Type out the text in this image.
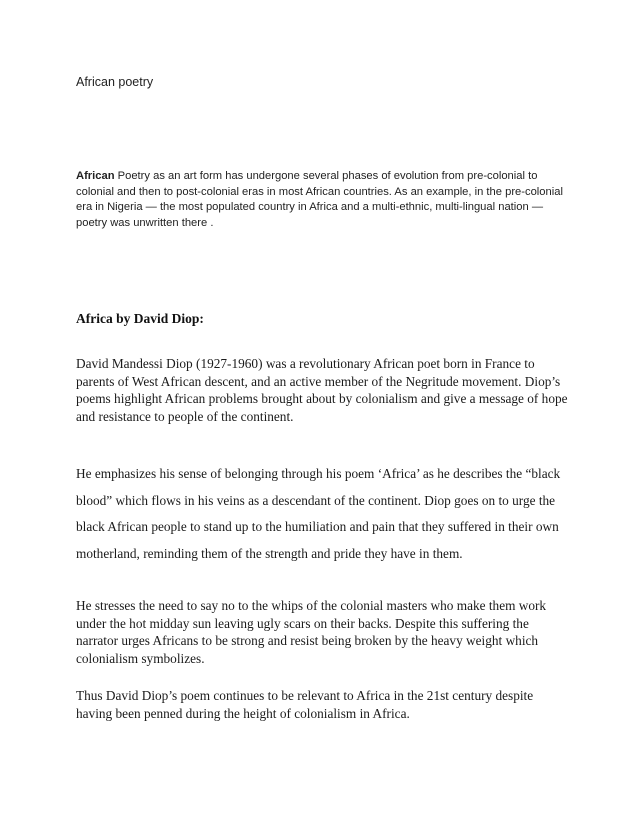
African poetry
African Poetry as an art form has undergone several phases of evolution from pre-colonial to colonial and then to post-colonial eras in most African countries. As an example, in the pre-colonial era in Nigeria — the most populated country in Africa and a multi-ethnic, multi-lingual nation — poetry was unwritten there .
Africa by David Diop:
David Mandessi Diop (1927-1960) was a revolutionary African poet born in France to parents of West African descent, and an active member of the Negritude movement. Diop’s poems highlight African problems brought about by colonialism and give a message of hope and resistance to people of the continent.
He emphasizes his sense of belonging through his poem ‘Africa’ as he describes the “black blood” which flows in his veins as a descendant of the continent. Diop goes on to urge the black African people to stand up to the humiliation and pain that they suffered in their own motherland, reminding them of the strength and pride they have in them.
He stresses the need to say no to the whips of the colonial masters who make them work under the hot midday sun leaving ugly scars on their backs. Despite this suffering the narrator urges Africans to be strong and resist being broken by the heavy weight which colonialism symbolizes.
Thus David Diop’s poem continues to be relevant to Africa in the 21st century despite having been penned during the height of colonialism in Africa.
